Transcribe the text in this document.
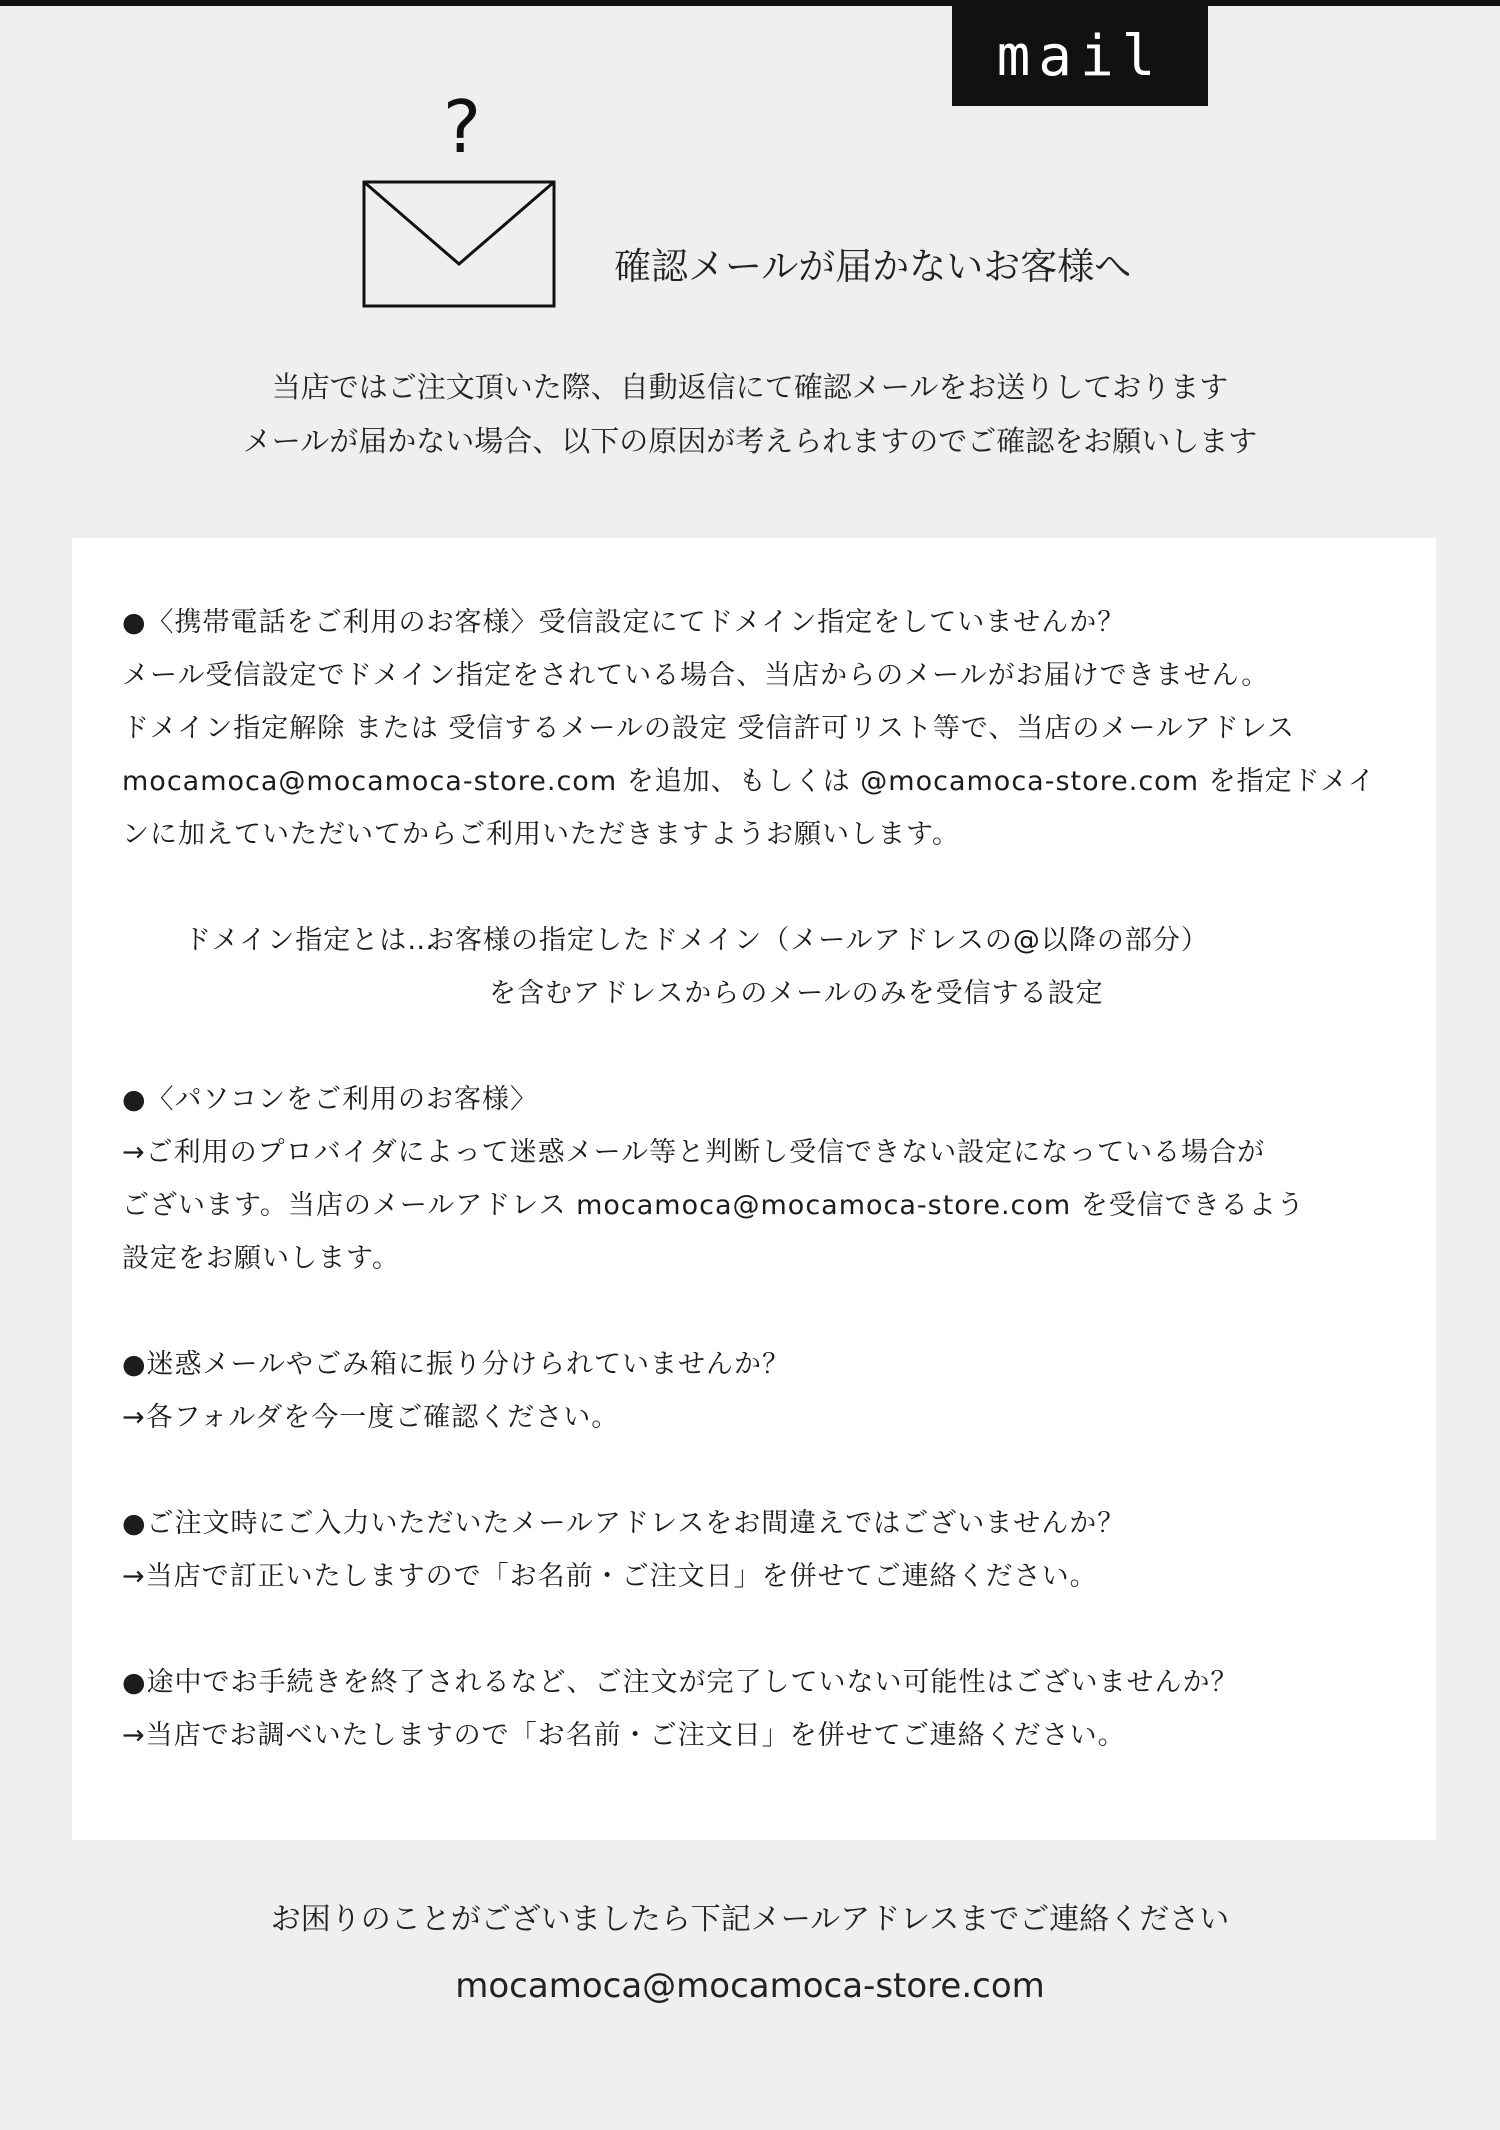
mail
?
確認メールが届かないお客様へ
当店ではご注文頂いた際、自動返信にて確認メールをお送りしております
メールが届かない場合、以下の原因が考えられますのでご確認をお願いします
●〈携帯電話をご利用のお客様〉受信設定にてドメイン指定をしていませんか？
メール受信設定でドメイン指定をされている場合、当店からのメールがお届けできません。
ドメイン指定解除 または 受信するメールの設定 受信許可リスト等で、当店のメールアドレス
mocamoca@mocamoca-store.com を追加、もしくは @mocamoca-store.com を指定ドメイ
ンに加えていただいてからご利用いただきますようお願いします。
ドメイン指定とは…
お客様の指定したドメイン（メールアドレスの@以降の部分）
を含むアドレスからのメールのみを受信する設定
●〈パソコンをご利用のお客様〉
→ご利用のプロバイダによって迷惑メール等と判断し受信できない設定になっている場合が
ございます。当店のメールアドレス mocamoca@mocamoca-store.com を受信できるよう
設定をお願いします。
●迷惑メールやごみ箱に振り分けられていませんか？
→各フォルダを今一度ご確認ください。
●ご注文時にご入力いただいたメールアドレスをお間違えではございませんか？
→当店で訂正いたしますので「お名前・ご注文日」を併せてご連絡ください。
●途中でお手続きを終了されるなど、ご注文が完了していない可能性はございませんか？
→当店でお調べいたしますので「お名前・ご注文日」を併せてご連絡ください。
お困りのことがございましたら下記メールアドレスまでご連絡ください
mocamoca@mocamoca-store.com
